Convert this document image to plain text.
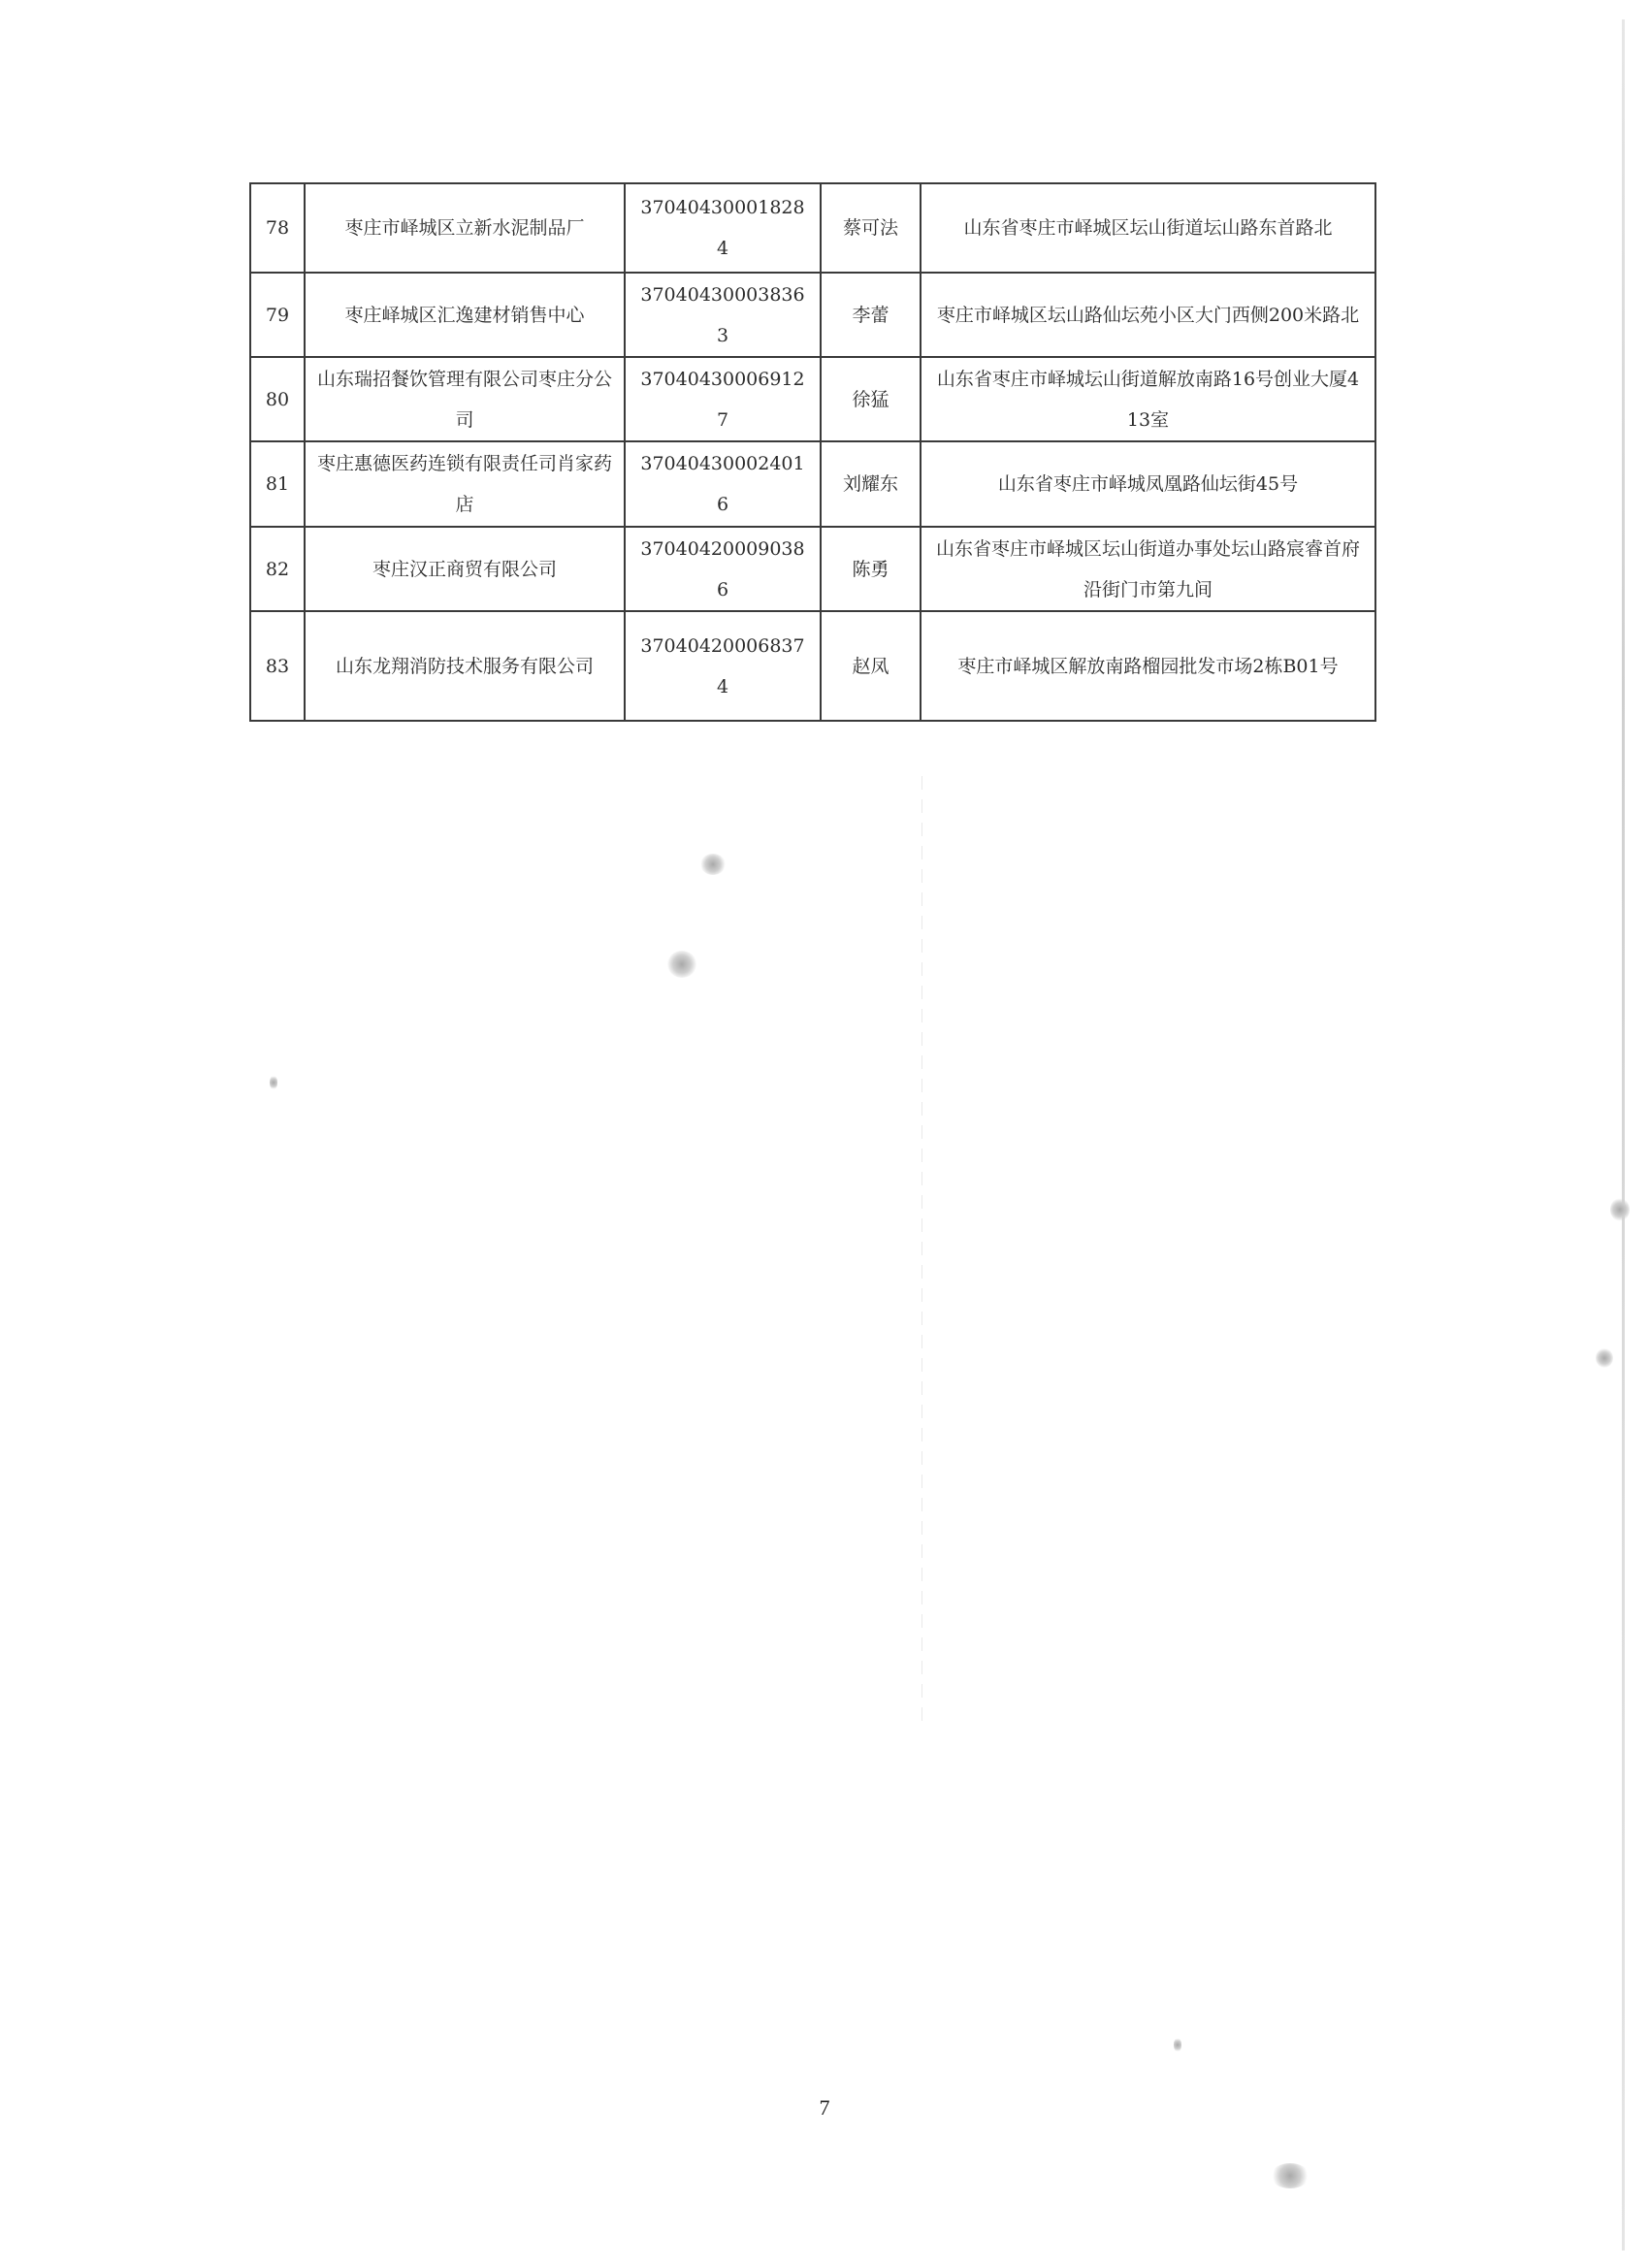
78	枣庄市峄城区立新水泥制品厂	370404300018284	蔡可法	山东省枣庄市峄城区坛山街道坛山路东首路北
79	枣庄峄城区汇逸建材销售中心	370404300038363	李蕾	枣庄市峄城区坛山路仙坛苑小区大门西侧200米路北
80	山东瑞招餐饮管理有限公司枣庄分公司	370404300069127	徐猛	山东省枣庄市峄城坛山街道解放南路16号创业大厦413室
81	枣庄惠德医药连锁有限责任司肖家药店	370404300024016	刘耀东	山东省枣庄市峄城凤凰路仙坛街45号
82	枣庄汉正商贸有限公司	370404200090386	陈勇	山东省枣庄市峄城区坛山街道办事处坛山路宸睿首府沿街门市第九间
83	山东龙翔消防技术服务有限公司	370404200068374	赵凤	枣庄市峄城区解放南路榴园批发市场2栋B01号
7
